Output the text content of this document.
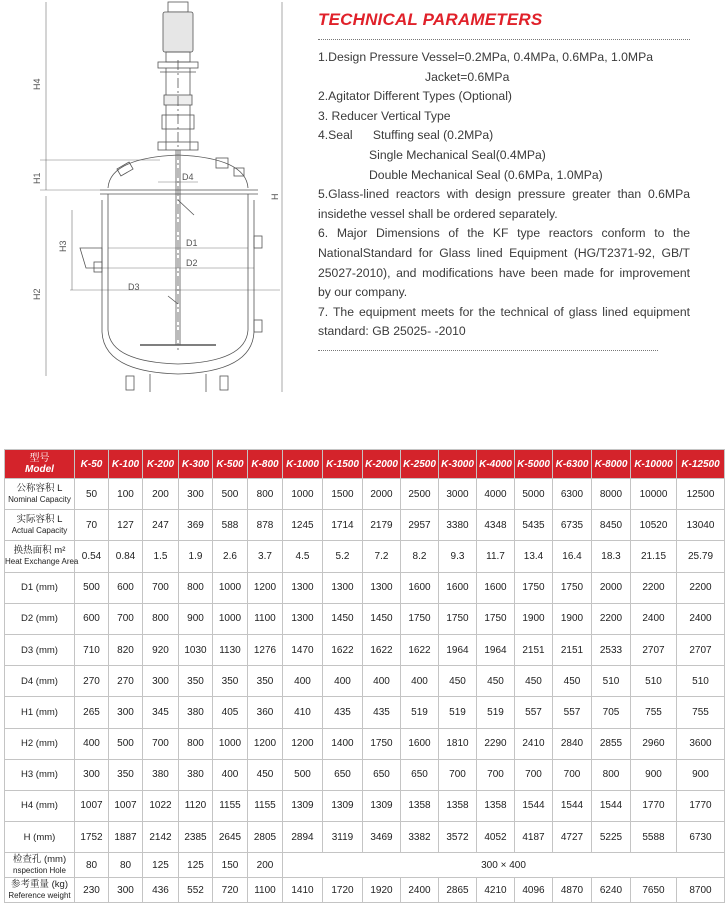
H4
H1
H2
H3
H
D4
D1
D2
D3
TECHNICAL PARAMETERS
1.Design Pressure Vessel=0.2MPa, 0.4MPa, 0.6MPa, 1.0MPa
Jacket=0.6MPa
2.Agitator Different Types (Optional)
3. Reducer Vertical Type
4.Seal      Stuffing seal (0.2MPa)
Single Mechanical Seal(0.4MPa)
Double Mechanical Seal (0.6MPa, 1.0MPa)
5.Glass-lined reactors with design pressure greater than 0.6MPa insidethe vessel shall be ordered separately.
6. Major Dimensions of the KF type reactors conform to the NationalStandard for Glass lined Equipment (HG/T2371-92, GB/T 25027-2010), and modifications have been made for improvement by our company.
7. The equipment meets for the technical of glass lined equipment standard: GB 25025- -2010
型号
Model	K-50	K-100	K-200	K-300	K-500	K-800	K-1000	K-1500	K-2000	K-2500	K-3000	K-4000	K-5000	K-6300	K-8000	K-10000	K-12500
公称容积 L
Nominal Capacity	50	100	200	300	500	800	1000	1500	2000	2500	3000	4000	5000	6300	8000	10000	12500
实际容积 L
Actual Capacity	70	127	247	369	588	878	1245	1714	2179	2957	3380	4348	5435	6735	8450	10520	13040
换热面积 m²
Heat Exchange Area	0.54	0.84	1.5	1.9	2.6	3.7	4.5	5.2	7.2	8.2	9.3	11.7	13.4	16.4	18.3	21.15	25.79
D1 (mm)	500	600	700	800	1000	1200	1300	1300	1300	1600	1600	1600	1750	1750	2000	2200	2200
D2 (mm)	600	700	800	900	1000	1100	1300	1450	1450	1750	1750	1750	1900	1900	2200	2400	2400
D3 (mm)	710	820	920	1030	1130	1276	1470	1622	1622	1622	1964	1964	2151	2151	2533	2707	2707
D4 (mm)	270	270	300	350	350	350	400	400	400	400	450	450	450	450	510	510	510
H1 (mm)	265	300	345	380	405	360	410	435	435	519	519	519	557	557	705	755	755
H2 (mm)	400	500	700	800	1000	1200	1200	1400	1750	1600	1810	2290	2410	2840	2855	2960	3600
H3 (mm)	300	350	380	380	400	450	500	650	650	650	700	700	700	700	800	900	900
H4 (mm)	1007	1007	1022	1120	1155	1155	1309	1309	1309	1358	1358	1358	1544	1544	1544	1770	1770
H (mm)	1752	1887	2142	2385	2645	2805	2894	3119	3469	3382	3572	4052	4187	4727	5225	5588	6730
检查孔 (mm)
nspection Hole	80	80	125	125	150	200	300 × 400										
参考重量 (kg)
Reference weight	230	300	436	552	720	1100	1410	1720	1920	2400	2865	4210	4096	4870	6240	7650	8700
